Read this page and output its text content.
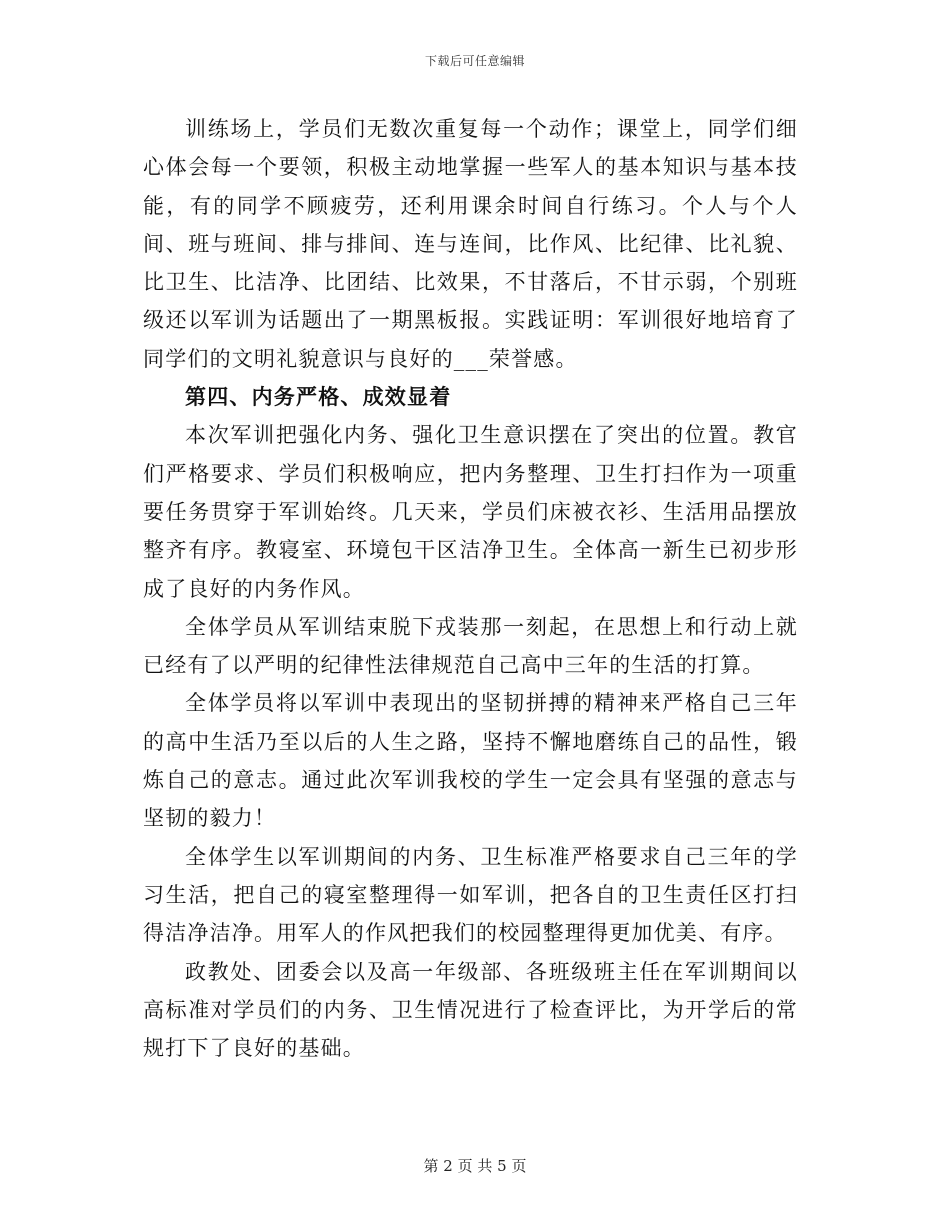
下载后可任意编辑

训练场上，学员们无数次重复每一个动作；课堂上，同学们细心体会每一个要领，积极主动地掌握一些军人的基本知识与基本技能，有的同学不顾疲劳，还利用课余时间自行练习。个人与个人间、班与班间、排与排间、连与连间，比作风、比纪律、比礼貌、比卫生、比洁净、比团结、比效果，不甘落后，不甘示弱，个别班级还以军训为话题出了一期黑板报。实践证明：军训很好地培育了同学们的文明礼貌意识与良好的___荣誉感。

第四、内务严格、成效显着

本次军训把强化内务、强化卫生意识摆在了突出的位置。教官们严格要求、学员们积极响应，把内务整理、卫生打扫作为一项重要任务贯穿于军训始终。几天来，学员们床被衣衫、生活用品摆放整齐有序。教寝室、环境包干区洁净卫生。全体高一新生已初步形成了良好的内务作风。

全体学员从军训结束脱下戎装那一刻起，在思想上和行动上就已经有了以严明的纪律性法律规范自己高中三年的生活的打算。

全体学员将以军训中表现出的坚韧拼搏的精神来严格自己三年的高中生活乃至以后的人生之路，坚持不懈地磨练自己的品性，锻炼自己的意志。通过此次军训我校的学生一定会具有坚强的意志与坚韧的毅力！

全体学生以军训期间的内务、卫生标准严格要求自己三年的学习生活，把自己的寝室整理得一如军训，把各自的卫生责任区打扫得洁净洁净。用军人的作风把我们的校园整理得更加优美、有序。

政教处、团委会以及高一年级部、各班级班主任在军训期间以高标准对学员们的内务、卫生情况进行了检查评比，为开学后的常规打下了良好的基础。

第 2 页 共 5 页
